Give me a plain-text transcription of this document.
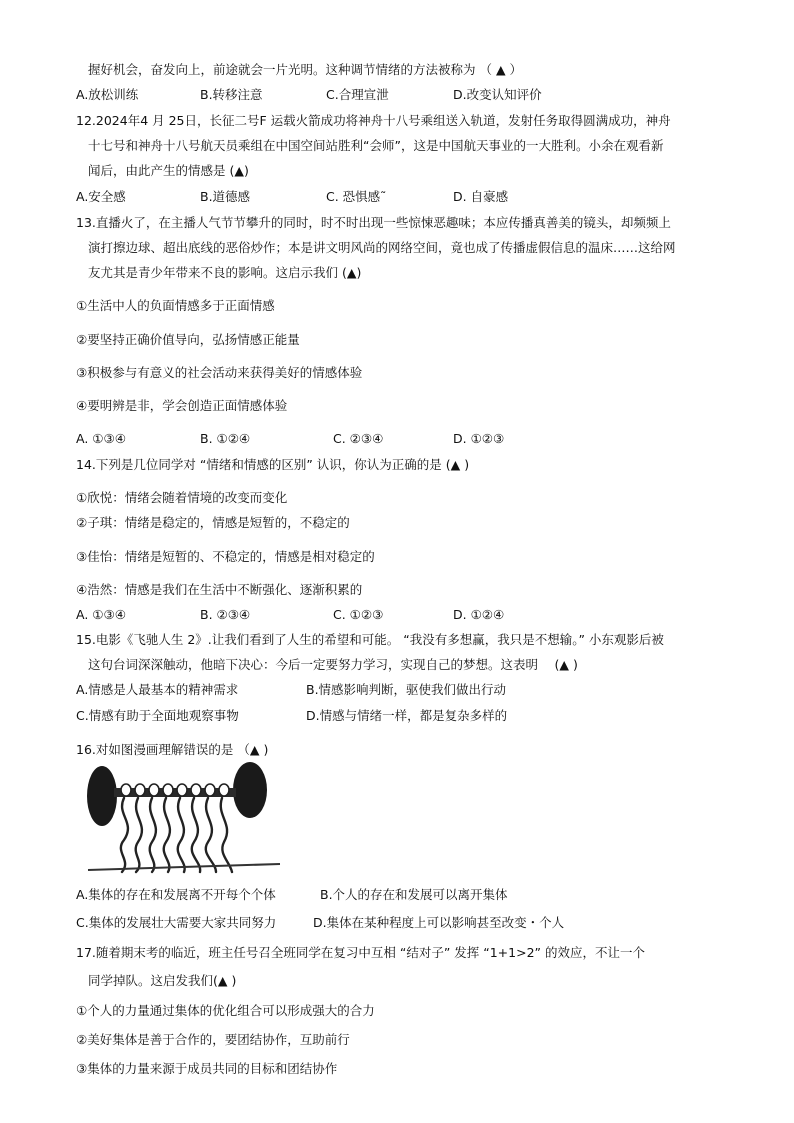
握好机会，奋发向上，前途就会一片光明。这种调节情绪的方法被称为 （ ▲ ）
A.放松训练	B.转移注意	C.合理宣泄	D.改变认知评价
12.2024年4 月 25日，长征二号F 运载火箭成功将神舟十八号乘组送入轨道，发射任务取得圆满成功，神舟
十七号和神舟十八号航天员乘组在中国空间站胜利“会师”，这是中国航天事业的一大胜利。小余在观看新
闻后，由此产生的情感是 (▲)
A.安全感	B.道德感	C. 恐惧感˜	D. 自豪感
13.直播火了，在主播人气节节攀升的同时，时不时出现一些惊悚恶趣味；本应传播真善美的镜头，却频频上
演打擦边球、超出底线的恶俗炒作；本是讲文明风尚的网络空间，竟也成了传播虚假信息的温床……这给网
友尤其是青少年带来不良的影响。这启示我们 (▲)
①生活中人的负面情感多于正面情感
②要坚持正确价值导向，弘扬情感正能量
③积极参与有意义的社会活动来获得美好的情感体验
④要明辨是非，学会创造正面情感体验
A. ①③④	B. ①②④	C. ②③④	D. ①②③
14.下列是几位同学对 “情绪和情感的区别” 认识，你认为正确的是 (▲ )
①欣悦：情绪会随着情境的改变而变化
②子琪：情绪是稳定的，情感是短暂的，不稳定的
③佳怡：情绪是短暂的、不稳定的，情感是相对稳定的
④浩然：情感是我们在生活中不断强化、逐渐积累的
A. ①③④	B. ②③④	C. ①②③	D. ①②④
15.电影《飞驰人生 2》.让我们看到了人生的希望和可能。 “我没有多想赢，我只是不想输。” 小东观影后被
这句台词深深触动，他暗下决心：今后一定要努力学习，实现自己的梦想。这表明　 (▲ )
A.情感是人最基本的精神需求	B.情感影响判断，驱使我们做出行动
C.情感有助于全面地观察事物	D.情感与情绪一样，都是复杂多样的
16.对如图漫画理解错误的是 （▲ )
A.集体的存在和发展离不开每个个体	B.个人的存在和发展可以离开集体
C.集体的发展壮大需要大家共同努力	D.集体在某种程度上可以影响甚至改变・个人
17.随着期末考的临近，班主任号召全班同学在复习中互相 “结对子” 发挥 “1+1>2” 的效应，不让一个
同学掉队。这启发我们(▲ )
①个人的力量通过集体的优化组合可以形成强大的合力
②美好集体是善于合作的，要团结协作，互助前行
③集体的力量来源于成员共同的目标和团结协作
